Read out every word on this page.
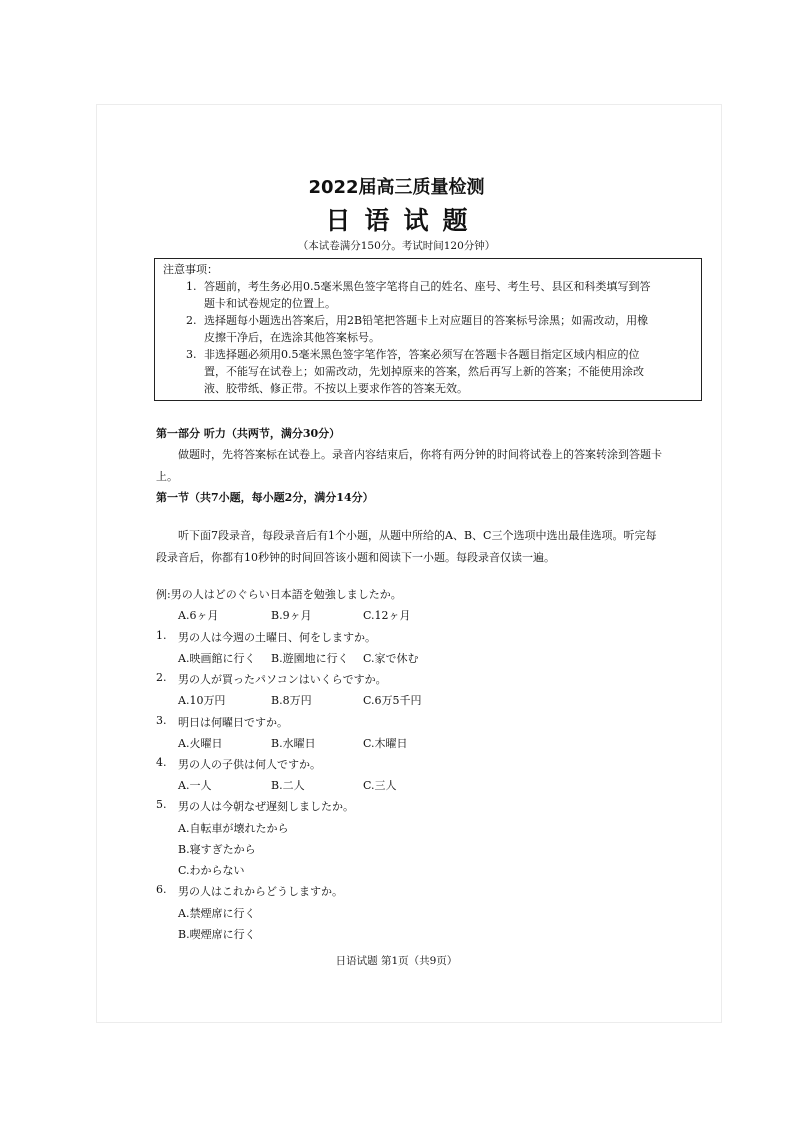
2022届高三质量检测
日语试题
（本试卷满分150分。考试时间120分钟）
注意事项：
1. 答题前，考生务必用0.5毫米黑色签字笔将自己的姓名、座号、考生号、县区和科类填写到答
题卡和试卷规定的位置上。
2. 选择题每小题选出答案后，用2B铅笔把答题卡上对应题目的答案标号涂黑；如需改动，用橡
皮擦干净后，在选涂其他答案标号。
3. 非选择题必须用0.5毫米黑色签字笔作答，答案必须写在答题卡各题目指定区域内相应的位
置，不能写在试卷上；如需改动，先划掉原来的答案，然后再写上新的答案；不能使用涂改
液、胶带纸、修正带。不按以上要求作答的答案无效。
第一部分 听力（共两节，满分30分）
做题时，先将答案标在试卷上。录音内容结束后，你将有两分钟的时间将试卷上的答案转涂到答题卡
上。
第一节（共7小题，每小题2分，满分14分）
听下面7段录音，每段录音后有1个小题，从题中所给的A、B、C三个选项中选出最佳选项。听完每
段录音后，你都有10秒钟的时间回答该小题和阅读下一小题。每段录音仅读一遍。
例:男の人はどのぐらい日本語を勉強しましたか。
A.6ヶ月	B.9ヶ月	C.12ヶ月
1. 男の人は今週の土曜日、何をしますか。
A.映画館に行く B.遊園地に行く C.家で休む
2. 男の人が買ったパソコンはいくらですか。
A.10万円	B.8万円	C.6万5千円
3. 明日は何曜日ですか。
A.火曜日	B.水曜日	C.木曜日
4. 男の人の子供は何人ですか。
A.一人	B.二人	C.三人
5. 男の人は今朝なぜ遅刻しましたか。
A.自転車が壊れたから
B.寝すぎたから
C.わからない
6. 男の人はこれからどうしますか。
A.禁煙席に行く
B.喫煙席に行く
日语试题 第1页（共9页）
